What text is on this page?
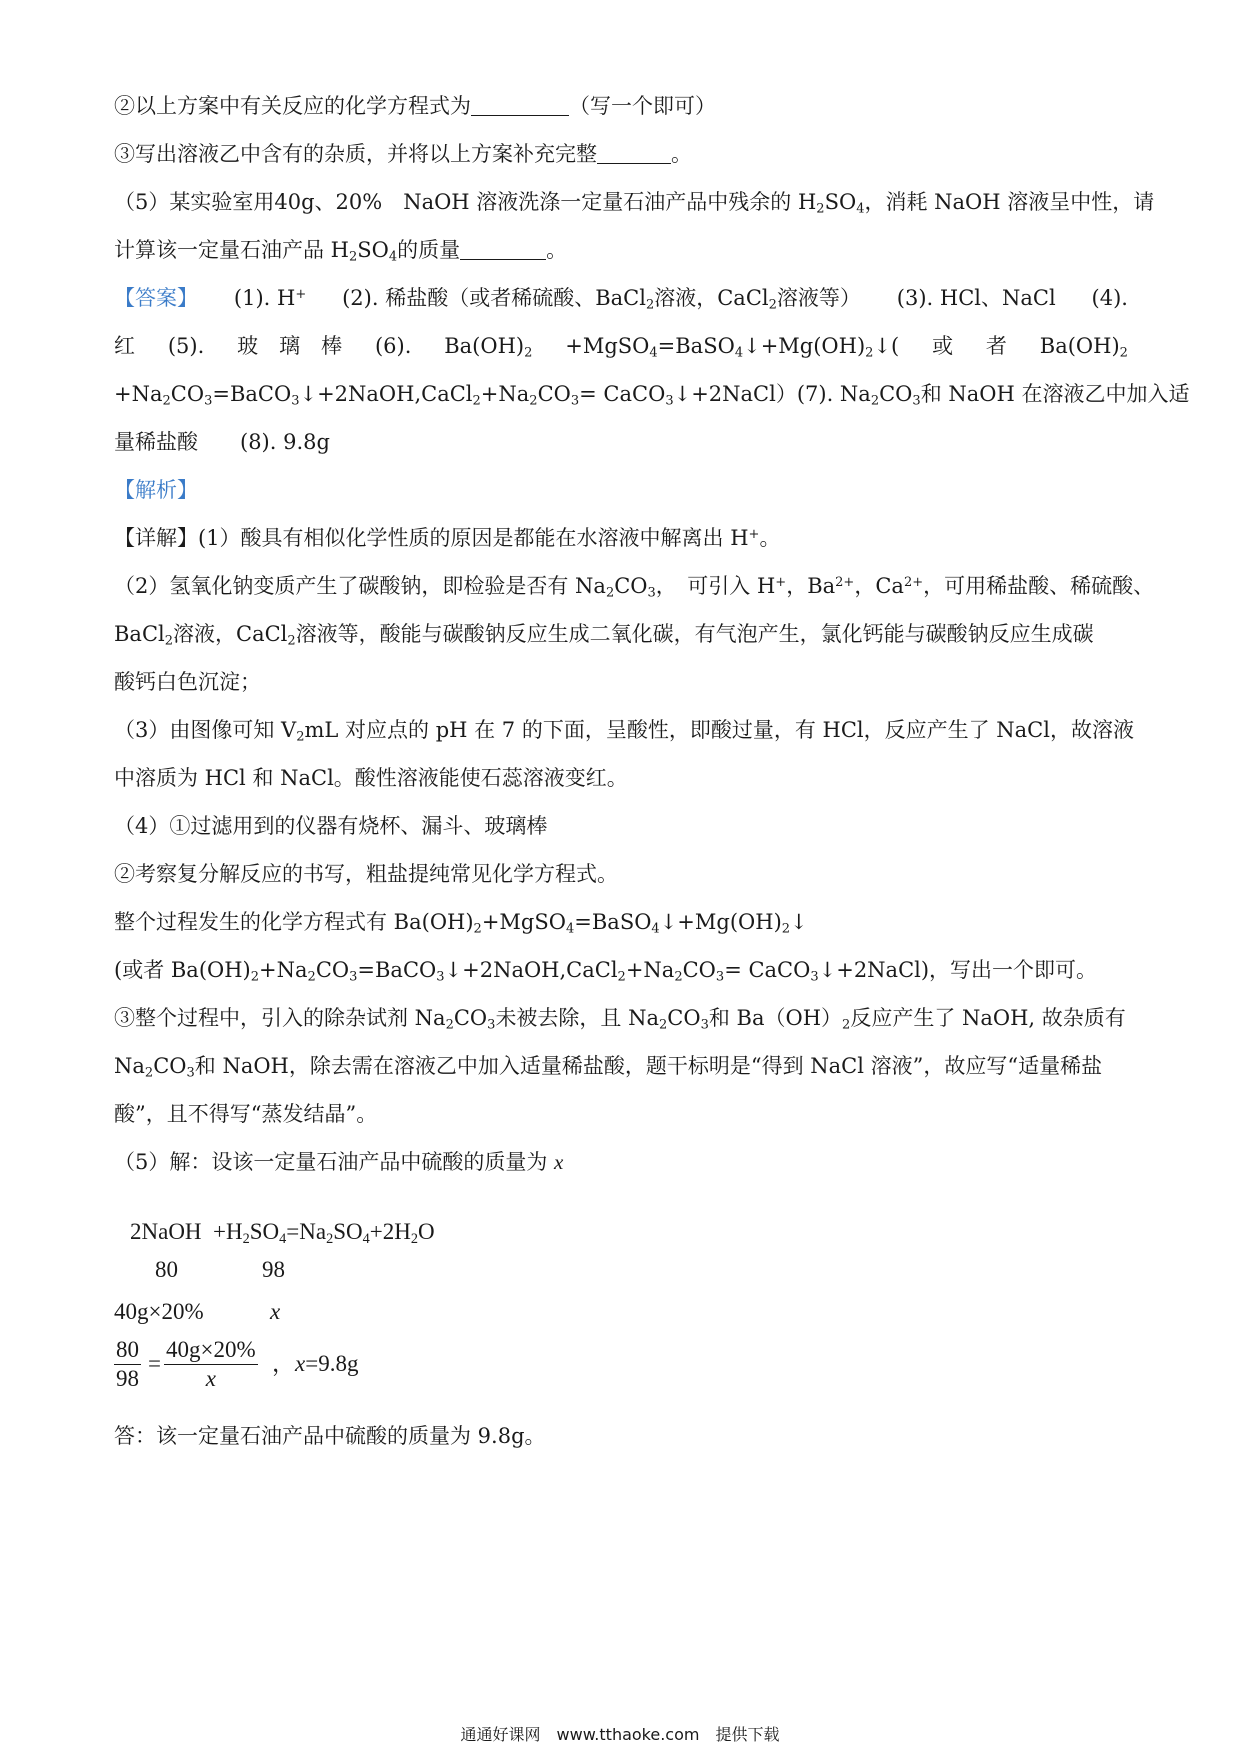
②以上方案中有关反应的化学方程式为	（写一个即可）
③写出溶液乙中含有的杂质，并将以上方案补充完整	。
（5）某实验室用40g、20%　NaOH 溶液洗涤一定量石油产品中残余的 $H_2SO_4$，消耗 NaOH 溶液呈中性，请
计算该一定量石油产品 $H_2SO_4$的质量	。
【答案】 (1). H+ (2). 稀盐酸（或者稀硫酸、BaCl$_2$溶液，CaCl$_2$溶液等） (3). HCl、NaCl (4).
红 (5). 玻　 璃　 棒 (6). $Ba(OH)_2$ $+MgSO_4=BaSO_4↓+Mg(OH)_2↓$( 或 者 $Ba(OH)_2$
$+Na_2CO_3=BaCO_3↓+2NaOH,CaCl_2+Na_2CO_3=$ CaCO$_3$↓+2NaCl） (7). $Na_2CO_3$和 NaOH 在溶液乙中加入适
量稀盐酸　　 (8). 9.8g
【解析】
【详解】(1）酸具有相似化学性质的原因是都能在水溶液中解离出 H+。
（2）氢氧化钠变质产生了碳酸钠，即检验是否有 $Na_2CO_3$，　可引入 H+，$Ba^{2+}$，$Ca^{2+}$，可用稀盐酸、稀硫酸、
BaCl$_2$溶液，CaCl$_2$溶液等，酸能与碳酸钠反应生成二氧化碳，有气泡产生，氯化钙能与碳酸钠反应生成碳
酸钙白色沉淀；
（3）由图像可知 $V_2mL$ 对应点的 pH 在 7 的下面，呈酸性，即酸过量，有 HCl，反应产生了 NaCl，故溶液
中溶质为 HCl 和 NaCl。酸性溶液能使石蕊溶液变红。
（4）①过滤用到的仪器有烧杯、漏斗、玻璃棒
②考察复分解反应的书写，粗盐提纯常见化学方程式。
整个过程发生的化学方程式有 $Ba(OH)_2+MgSO_4=BaSO_4↓+Mg(OH)_2↓$
(或者 $Ba(OH)_2+Na_2CO_3=BaCO_3↓+2NaOH,CaCl_2+Na_2CO_3=$ CaCO$_3$↓+2NaCl)，写出一个即可。
③整个过程中，引入的除杂试剂 $Na_2CO_3$未被去除，且 $Na_2CO_3$和 $Ba(OH)_2$反应产生了 NaOH, 故杂质有
$Na_2CO_3$和 NaOH，除去需在溶液乙中加入适量稀盐酸，题干标明是“得到 NaCl 溶液”，故应写“适量稀盐
酸”，且不得写“蒸发结晶”。
（5）解：设该一定量石油产品中硫酸的质量为 x
2NaOH $+H_2SO_4=Na_2SO_4+2H_2O$
80	98
40g×20%	x
80
98
=
40g×20%
x
，x=9.8g
答：该一定量石油产品中硫酸的质量为 9.8g。
通通好课网　www.tthaoke.com　提供下载
